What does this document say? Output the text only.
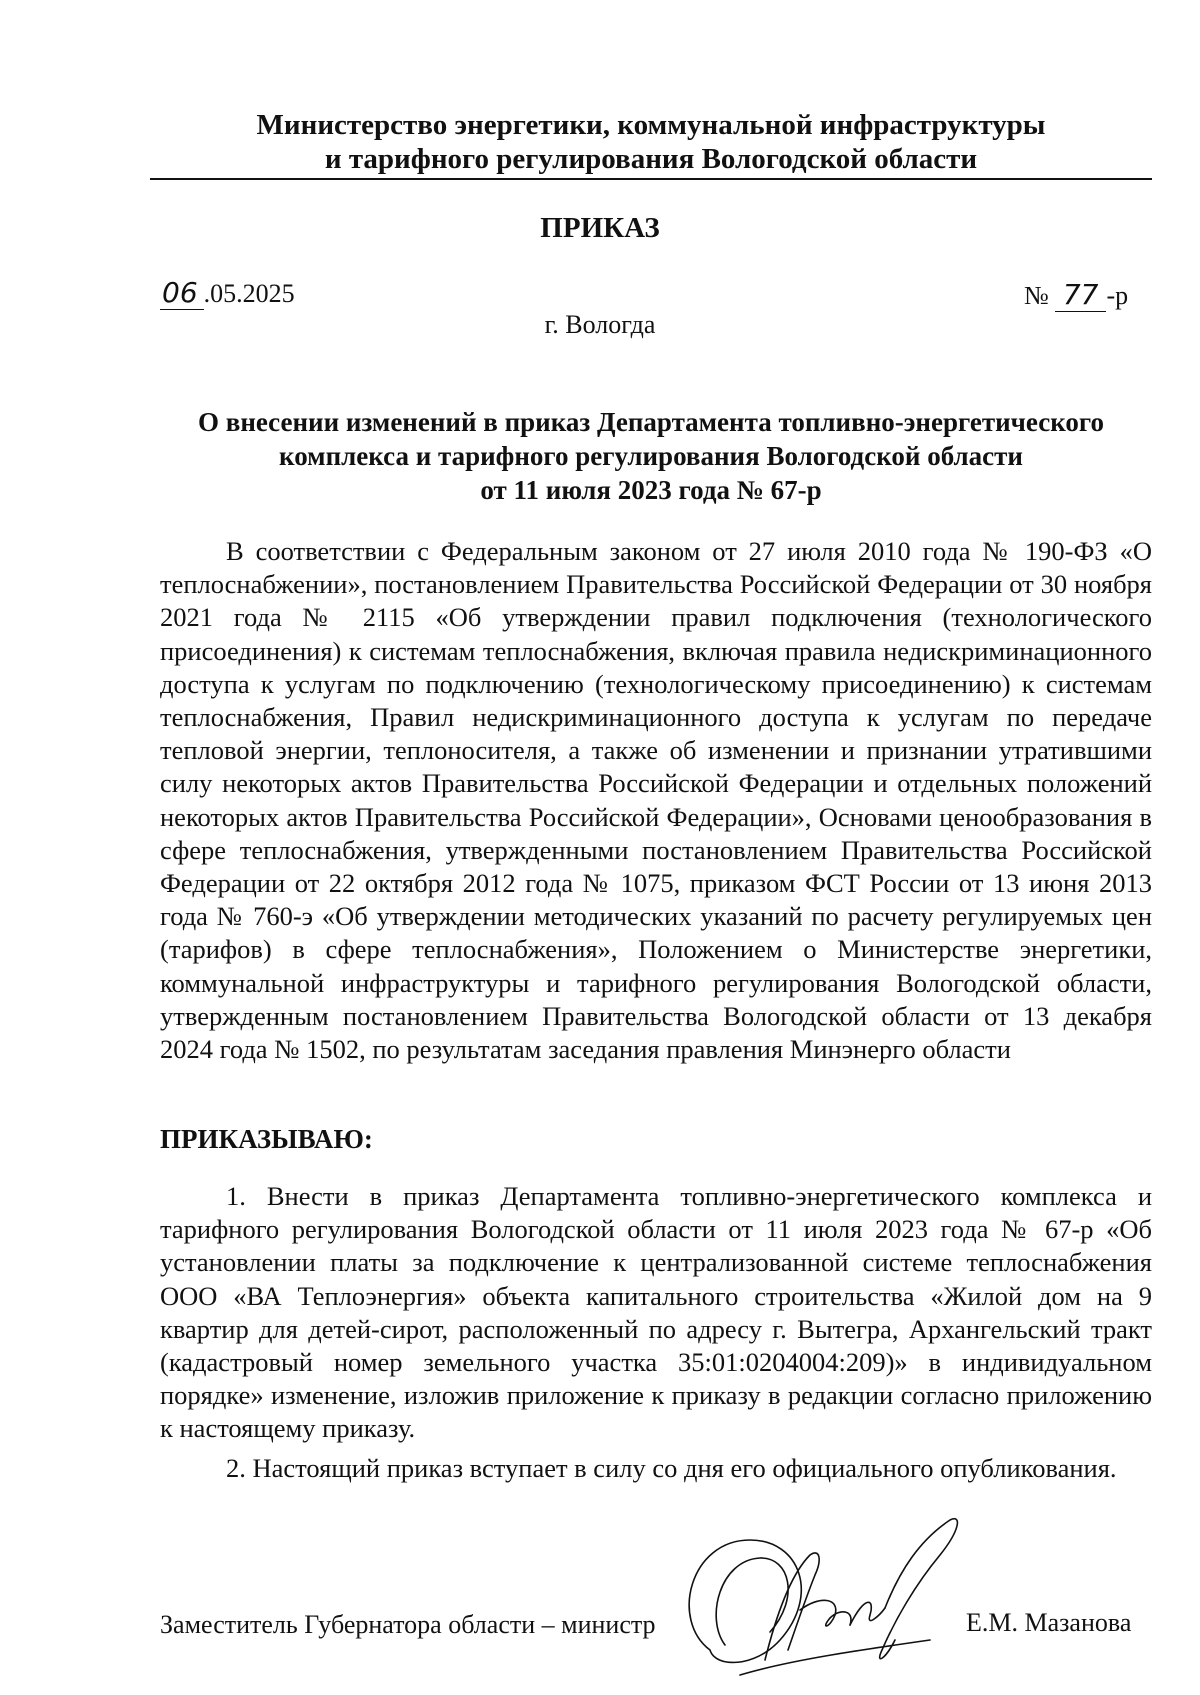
Министерство энергетики, коммунальной инфраструктуры
и тарифного регулирования Вологодской области
ПРИКАЗ
06 .05.2025	№ 77 -р
г. Вологда
О внесении изменений в приказ Департамента топливно-энергетического
комплекса и тарифного регулирования Вологодской области
от 11 июля 2023 года № 67-р
В соответствии с Федеральным законом от 27 июля 2010 года № 190-ФЗ «О теплоснабжении», постановлением Правительства Российской Федерации от 30 ноября 2021 года № 2115 «Об утверждении правил подключения (технологического присоединения) к системам теплоснабжения, включая правила недискриминационного доступа к услугам по подключению (технологическому присоединению) к системам теплоснабжения, Правил недискриминационного доступа к услугам по передаче тепловой энергии, теплоносителя, а также об изменении и признании утратившими силу некоторых актов Правительства Российской Федерации и отдельных положений некоторых актов Правительства Российской Федерации», Основами ценообразования в сфере теплоснабжения, утвержденными постановлением Правительства Российской Федерации от 22 октября 2012 года № 1075, приказом ФСТ России от 13 июня 2013 года № 760-э «Об утверждении методических указаний по расчету регулируемых цен (тарифов) в сфере теплоснабжения», Положением о Министерстве энергетики, коммунальной инфраструктуры и тарифного регулирования Вологодской области, утвержденным постановлением Правительства Вологодской области от 13 декабря 2024 года № 1502, по результатам заседания правления Минэнерго области
ПРИКАЗЫВАЮ:
1. Внести в приказ Департамента топливно-энергетического комплекса и тарифного регулирования Вологодской области от 11 июля 2023 года № 67-р «Об установлении платы за подключение к централизованной системе теплоснабжения ООО «ВА Теплоэнергия» объекта капитального строительства «Жилой дом на 9 квартир для детей-сирот, расположенный по адресу г. Вытегра, Архангельский тракт (кадастровый номер земельного участка 35:01:0204004:209)» в индивидуальном порядке» изменение, изложив приложение к приказу в редакции согласно приложению к настоящему приказу.
2. Настоящий приказ вступает в силу со дня его официального опубликования.
Заместитель Губернатора области – министр	Е.М. Мазанова
